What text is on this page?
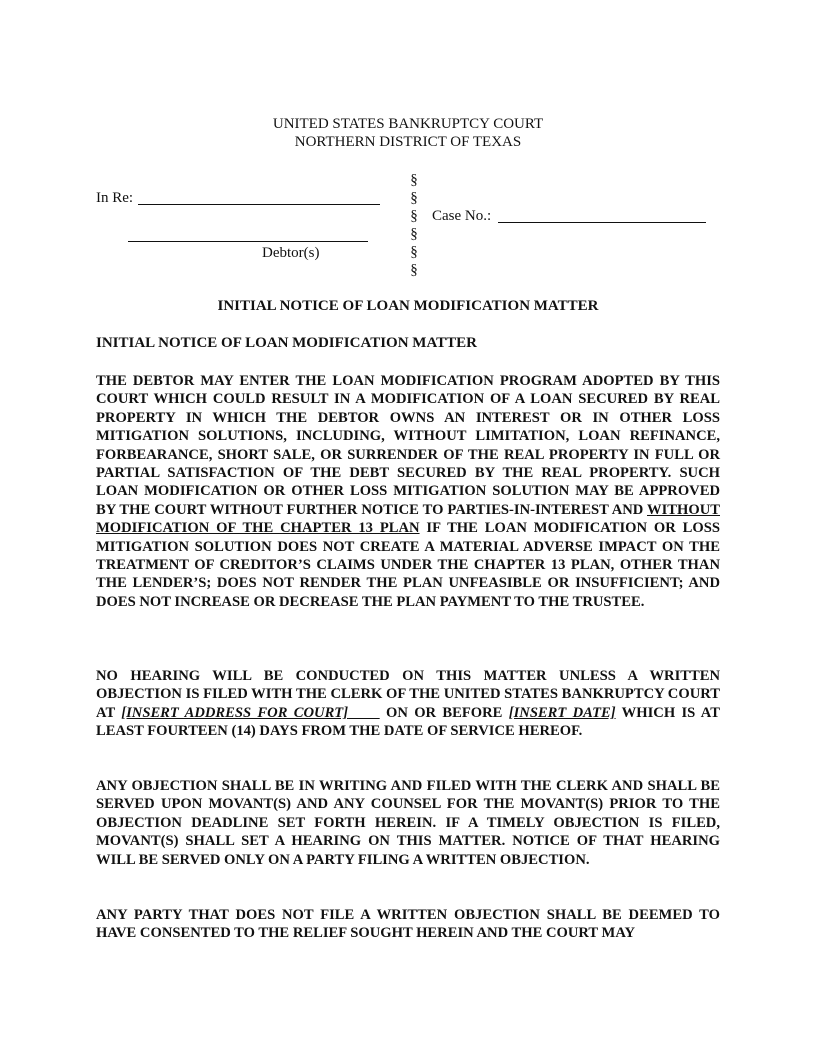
UNITED STATES BANKRUPTCY COURT
NORTHERN DISTRICT OF TEXAS
In Re:
Debtor(s)
§
§
§
§
§
§
Case No.:
INITIAL NOTICE OF LOAN MODIFICATION MATTER
INITIAL NOTICE OF LOAN MODIFICATION MATTER
THE DEBTOR MAY ENTER THE LOAN MODIFICATION PROGRAM ADOPTED BY THIS COURT WHICH COULD RESULT IN A MODIFICATION OF A LOAN SECURED BY REAL PROPERTY IN WHICH THE DEBTOR OWNS AN INTEREST OR IN OTHER LOSS MITIGATION SOLUTIONS, INCLUDING, WITHOUT LIMITATION, LOAN REFINANCE, FORBEARANCE, SHORT SALE, OR SURRENDER OF THE REAL PROPERTY IN FULL OR PARTIAL SATISFACTION OF THE DEBT SECURED BY THE REAL PROPERTY. SUCH LOAN MODIFICATION OR OTHER LOSS MITIGATION SOLUTION MAY BE APPROVED BY THE COURT WITHOUT FURTHER NOTICE TO PARTIES-IN-INTEREST AND WITHOUT MODIFICATION OF THE CHAPTER 13 PLAN IF THE LOAN MODIFICATION OR LOSS MITIGATION SOLUTION DOES NOT CREATE A MATERIAL ADVERSE IMPACT ON THE TREATMENT OF CREDITOR’S CLAIMS UNDER THE CHAPTER 13 PLAN, OTHER THAN THE LENDER’S; DOES NOT RENDER THE PLAN UNFEASIBLE OR INSUFFICIENT; AND DOES NOT INCREASE OR DECREASE THE PLAN PAYMENT TO THE TRUSTEE.
NO HEARING WILL BE CONDUCTED ON THIS MATTER UNLESS A WRITTEN OBJECTION IS FILED WITH THE CLERK OF THE UNITED STATES BANKRUPTCY COURT AT [INSERT ADDRESS FOR COURT]      ON OR BEFORE [INSERT DATE] WHICH IS AT LEAST FOURTEEN (14) DAYS FROM THE DATE OF SERVICE HEREOF.
ANY OBJECTION SHALL BE IN WRITING AND FILED WITH THE CLERK AND SHALL BE SERVED UPON MOVANT(S) AND ANY COUNSEL FOR THE MOVANT(S) PRIOR TO THE OBJECTION DEADLINE SET FORTH HEREIN. IF A TIMELY OBJECTION IS FILED, MOVANT(S) SHALL SET A HEARING ON THIS MATTER. NOTICE OF THAT HEARING WILL BE SERVED ONLY ON A PARTY FILING A WRITTEN OBJECTION.
ANY PARTY THAT DOES NOT FILE A WRITTEN OBJECTION SHALL BE DEEMED TO HAVE CONSENTED TO THE RELIEF SOUGHT HEREIN AND THE COURT MAY
